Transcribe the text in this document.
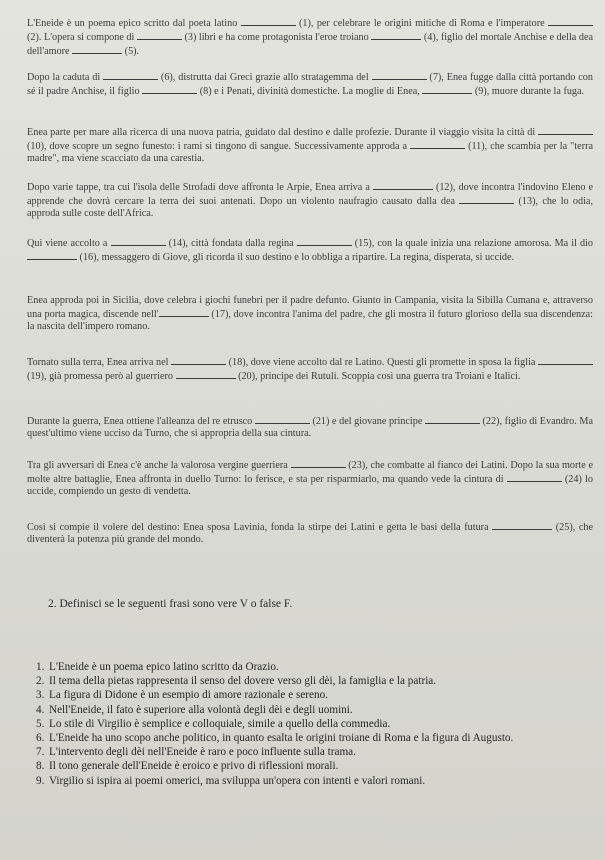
L'Eneide è un poema epico scritto dal poeta latino	(1), per celebrare le origini mitiche di Roma e l'imperatore  (2). L'opera si compone di	(3) libri e ha come protagonista l'eroe troiano	(4), figlio del mortale Anchise e della dea dell'amore	(5).
Dopo la caduta di	(6), distrutta dai Greci grazie allo stratagemma del	(7), Enea fugge dalla città portando con sé il padre Anchise, il figlio	(8) e i Penati, divinità domestiche. La moglie di Enea,	(9), muore durante la fuga.
Enea parte per mare alla ricerca di una nuova patria, guidato dal destino e dalle profezie. Durante il viaggio visita la città di  (10), dove scopre un segno funesto: i rami si tingono di sangue. Successivamente approda a	(11), che scambia per la "terra madre", ma viene scacciato da una carestia.
Dopo varie tappe, tra cui l'isola delle Strofadi dove affronta le Arpie, Enea arriva a	(12), dove incontra l'indovino Eleno e apprende che dovrà cercare la terra dei suoi antenati. Dopo un violento naufragio causato dalla dea	(13), che lo odia, approda sulle coste dell'Africa.
Qui viene accolto a	(14), città fondata dalla regina	(15), con la quale inizia una relazione amorosa. Ma il dio  (16), messaggero di Giove, gli ricorda il suo destino e lo obbliga a ripartire. La regina, disperata, si uccide.
Enea approda poi in Sicilia, dove celebra i giochi funebri per il padre defunto. Giunto in Campania, visita la Sibilla Cumana e, attraverso una porta magica, discende nell'	(17), dove incontra l'anima del padre, che gli mostra il futuro glorioso della sua discendenza: la nascita dell'impero romano.
Tornato sulla terra, Enea arriva nel	(18), dove viene accolto dal re Latino. Questi gli promette in sposa la figlia  (19), già promessa però al guerriero	(20), principe dei Rutuli. Scoppia così una guerra tra Troiani e Italici.
Durante la guerra, Enea ottiene l'alleanza del re etrusco	(21) e del giovane principe	(22), figlio di Evandro. Ma quest'ultimo viene ucciso da Turno, che si appropria della sua cintura.
Tra gli avversari di Enea c'è anche la valorosa vergine guerriera	(23), che combatte al fianco dei Latini. Dopo la sua morte e molte altre battaglie, Enea affronta in duello Turno: lo ferisce, e sta per risparmiarlo, ma quando vede la cintura di	(24) lo uccide, compiendo un gesto di vendetta.
Così si compie il volere del destino: Enea sposa Lavinia, fonda la stirpe dei Latini e getta le basi della futura	(25), che diventerà la potenza più grande del mondo.
2. Definisci se le seguenti frasi sono vere V o false F.
1. L'Eneide è un poema epico latino scritto da Orazio.
2. Il tema della pietas rappresenta il senso del dovere verso gli dèi, la famiglia e la patria.
3. La figura di Didone è un esempio di amore razionale e sereno.
4. Nell'Eneide, il fato è superiore alla volontà degli dèi e degli uomini.
5. Lo stile di Virgilio è semplice e colloquiale, simile a quello della commedia.
6. L'Eneide ha uno scopo anche politico, in quanto esalta le origini troiane di Roma e la figura di Augusto.
7. L'intervento degli dèi nell'Eneide è raro e poco influente sulla trama.
8. Il tono generale dell'Eneide è eroico e privo di riflessioni morali.
9. Virgilio si ispira ai poemi omerici, ma sviluppa un'opera con intenti e valori romani.
